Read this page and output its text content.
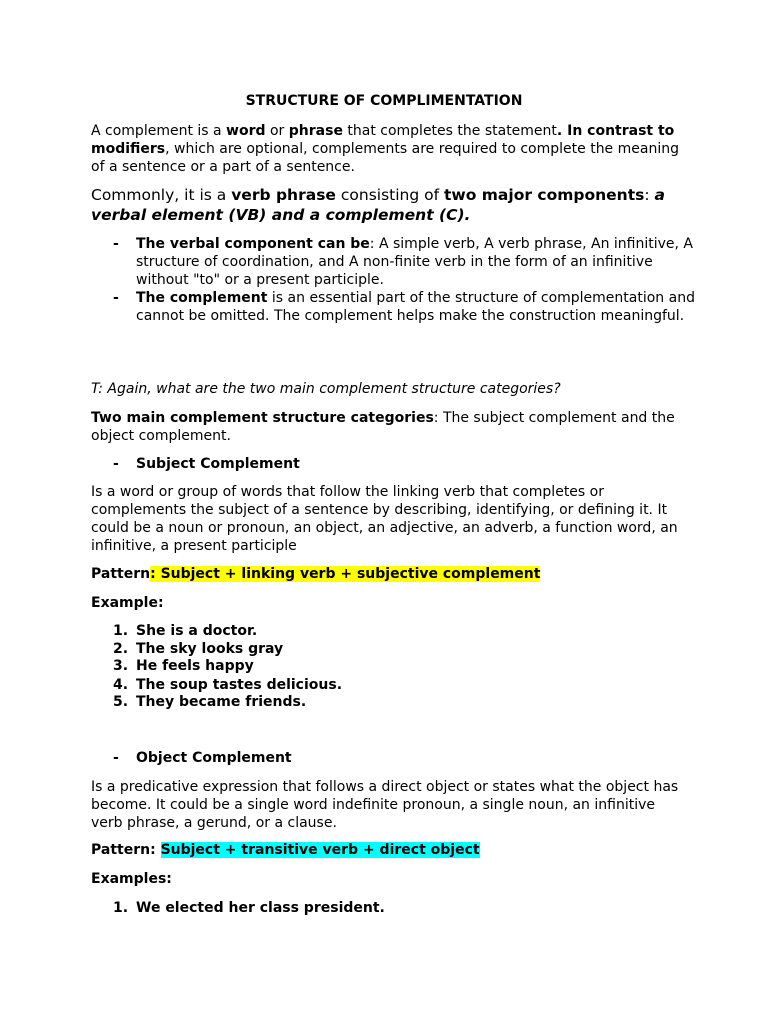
STRUCTURE OF COMPLIMENTATION

A complement is a word or phrase that completes the statement. In contrast to modifiers, which are optional, complements are required to complete the meaning of a sentence or a part of a sentence.

Commonly, it is a verb phrase consisting of two major components: a verbal element (VB) and a complement (C).

- The verbal component can be: A simple verb, A verb phrase, An infinitive, A structure of coordination, and A non-finite verb in the form of an infinitive without "to" or a present participle.

- The complement is an essential part of the structure of complementation and cannot be omitted. The complement helps make the construction meaningful.

T: Again, what are the two main complement structure categories?

Two main complement structure categories: The subject complement and the object complement.

- Subject Complement

Is a word or group of words that follow the linking verb that completes or complements the subject of a sentence by describing, identifying, or defining it. It could be a noun or pronoun, an object, an adjective, an adverb, a function word, an infinitive, a present participle

Pattern: Subject + linking verb + subjective complement

Example:

1. She is a doctor.

2. The sky looks gray

3. He feels happy

4. The soup tastes delicious.

5. They became friends.

- Object Complement

Is a predicative expression that follows a direct object or states what the object has become. It could be a single word indefinite pronoun, a single noun, an infinitive verb phrase, a gerund, or a clause.

Pattern: Subject + transitive verb + direct object

Examples:

1. We elected her class president.
